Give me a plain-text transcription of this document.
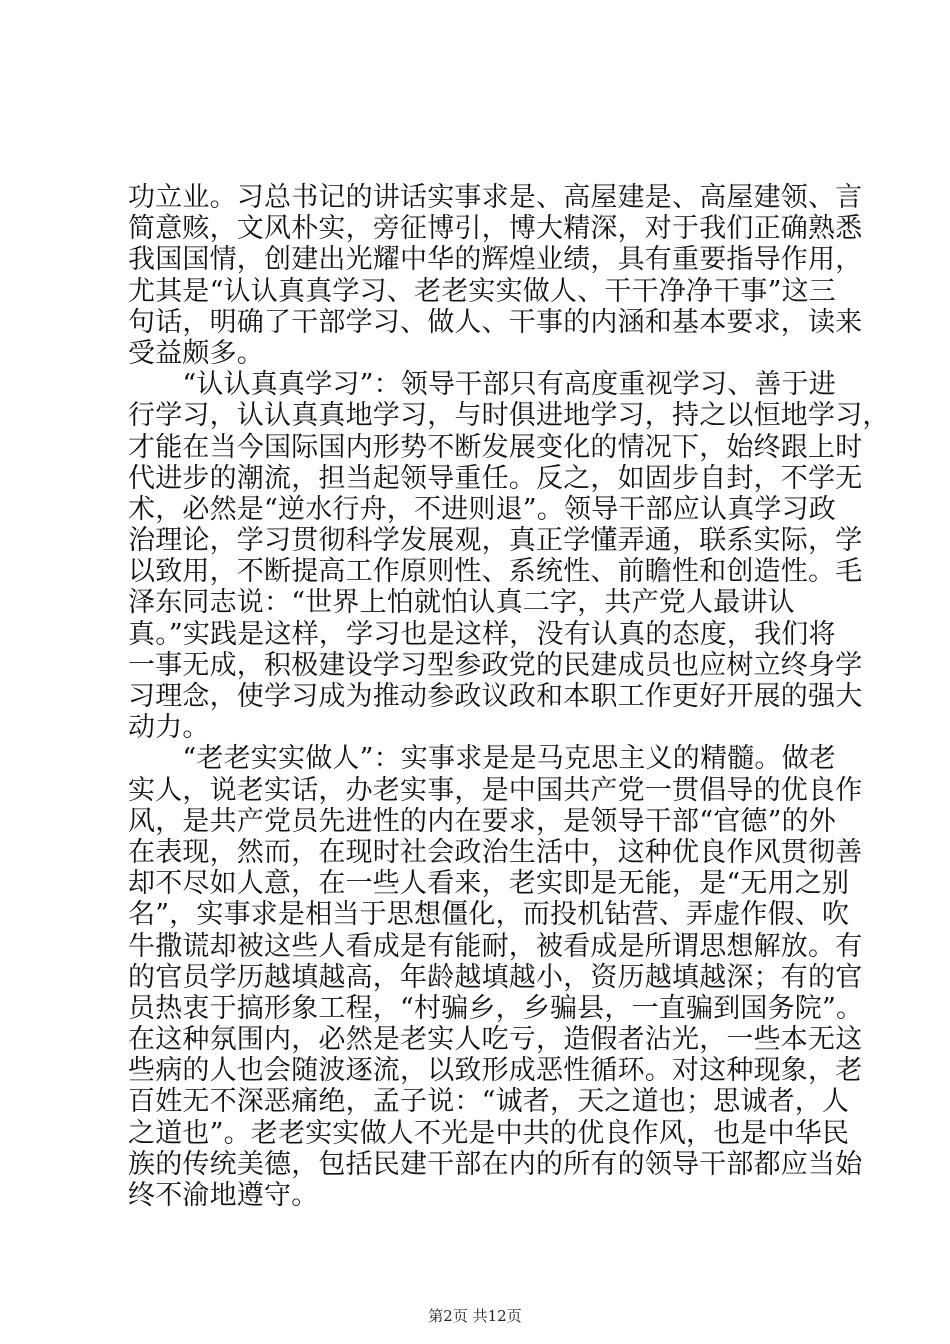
功立业。习总书记的讲话实事求是、高屋建是、高屋建领、言
简意赅，文风朴实，旁征博引，博大精深，对于我们正确熟悉
我国国情，创建出光耀中华的辉煌业绩，具有重要指导作用，
尤其是“认认真真学习、老老实实做人、干干净净干事”这三
句话，明确了干部学习、做人、干事的内涵和基本要求，读来
受益颇多。
　　“认认真真学习”：领导干部只有高度重视学习、善于进
行学习，认认真真地学习，与时俱进地学习，持之以恒地学习，
才能在当今国际国内形势不断发展变化的情况下，始终跟上时
代进步的潮流，担当起领导重任。反之，如固步自封，不学无
术，必然是“逆水行舟，不进则退”。领导干部应认真学习政
治理论，学习贯彻科学发展观，真正学懂弄通，联系实际，学
以致用，不断提高工作原则性、系统性、前瞻性和创造性。毛
泽东同志说：“世界上怕就怕认真二字，共产党人最讲认
真。”实践是这样，学习也是这样，没有认真的态度，我们将
一事无成，积极建设学习型参政党的民建成员也应树立终身学
习理念，使学习成为推动参政议政和本职工作更好开展的强大
动力。
　　“老老实实做人”：实事求是是马克思主义的精髓。做老
实人，说老实话，办老实事，是中国共产党一贯倡导的优良作
风，是共产党员先进性的内在要求，是领导干部“官德”的外
在表现，然而，在现时社会政治生活中，这种优良作风贯彻善
却不尽如人意，在一些人看来，老实即是无能，是“无用之别
名”，实事求是相当于思想僵化，而投机钻营、弄虚作假、吹
牛撒谎却被这些人看成是有能耐，被看成是所谓思想解放。有
的官员学历越填越高，年龄越填越小，资历越填越深；有的官
员热衷于搞形象工程，“村骗乡，乡骗县，一直骗到国务院”。
在这种氛围内，必然是老实人吃亏，造假者沾光，一些本无这
些病的人也会随波逐流，以致形成恶性循环。对这种现象，老
百姓无不深恶痛绝，孟子说：“诚者，天之道也；思诚者，人
之道也”。老老实实做人不光是中共的优良作风，也是中华民
族的传统美德，包括民建干部在内的所有的领导干部都应当始
终不渝地遵守。
第2页 共12页
